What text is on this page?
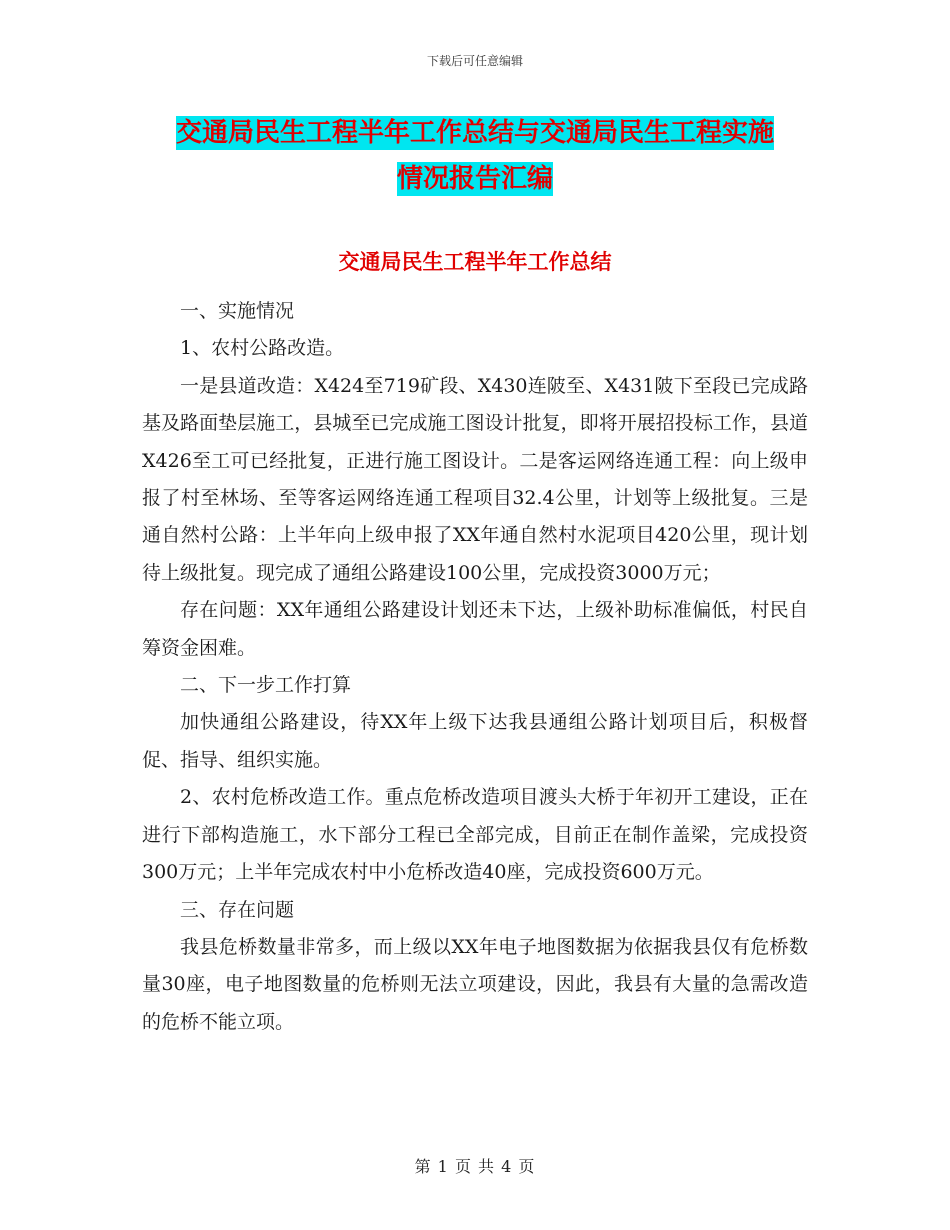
下载后可任意编辑
交通局民生工程半年工作总结与交通局民生工程实施
情况报告汇编
交通局民生工程半年工作总结

一、实施情况

1、农村公路改造。

一是县道改造：X424至719矿段、X430连陂至、X431陂下至段已完成路基及路面垫层施工，县城至已完成施工图设计批复，即将开展招投标工作，县道X426至工可已经批复，正进行施工图设计。二是客运网络连通工程：向上级申报了村至林场、至等客运网络连通工程项目32.4公里，计划等上级批复。三是通自然村公路：上半年向上级申报了XX年通自然村水泥项目420公里，现计划待上级批复。现完成了通组公路建设100公里，完成投资3000万元；

存在问题：XX年通组公路建设计划还未下达，上级补助标准偏低，村民自筹资金困难。

二、下一步工作打算

加快通组公路建设，待XX年上级下达我县通组公路计划项目后，积极督促、指导、组织实施。

2、农村危桥改造工作。重点危桥改造项目渡头大桥于年初开工建设，正在进行下部构造施工，水下部分工程已全部完成，目前正在制作盖梁，完成投资300万元；上半年完成农村中小危桥改造40座，完成投资600万元。

三、存在问题

我县危桥数量非常多，而上级以XX年电子地图数据为依据我县仅有危桥数量30座，电子地图数量的危桥则无法立项建设，因此，我县有大量的急需改造的危桥不能立项。

第 1 页 共 4 页
